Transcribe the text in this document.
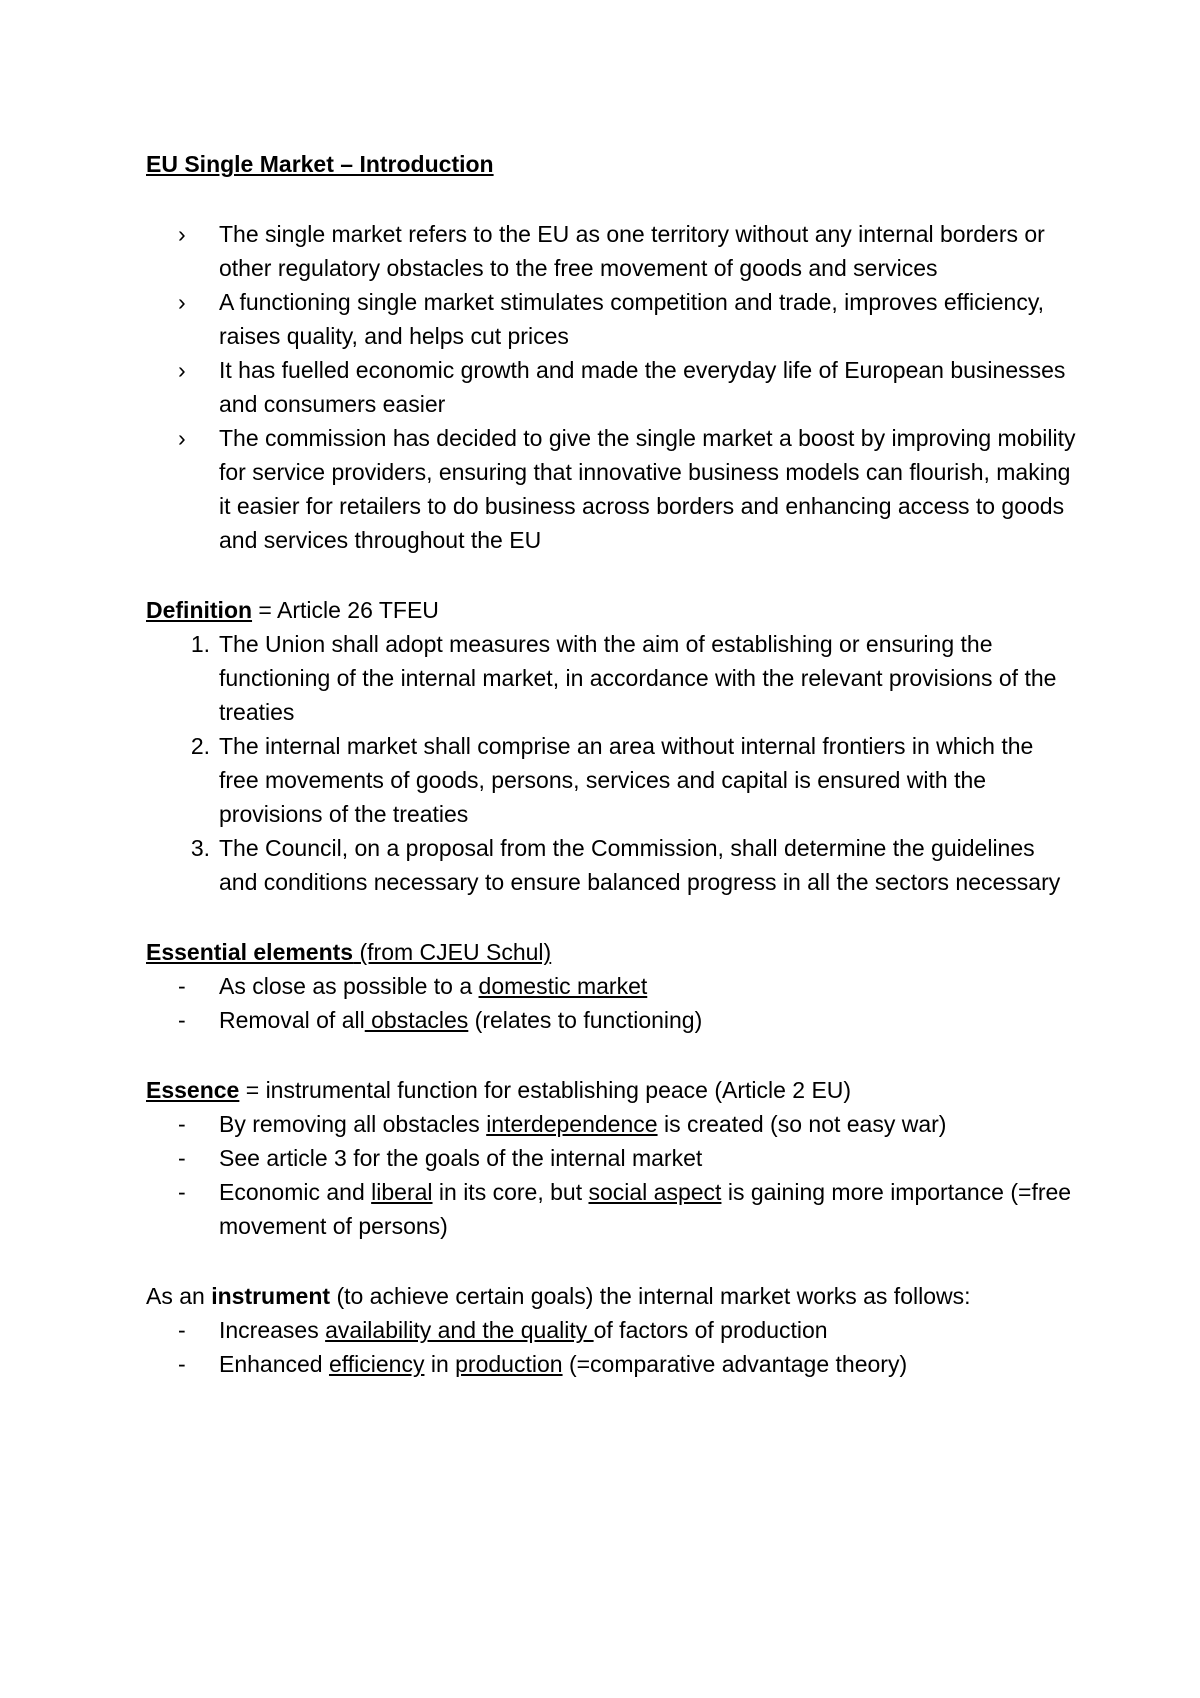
EU Single Market – Introduction

› The single market refers to the EU as one territory without any internal borders or other regulatory obstacles to the free movement of goods and services
› A functioning single market stimulates competition and trade, improves efficiency, raises quality, and helps cut prices
› It has fuelled economic growth and made the everyday life of European businesses and consumers easier
› The commission has decided to give the single market a boost by improving mobility for service providers, ensuring that innovative business models can flourish, making it easier for retailers to do business across borders and enhancing access to goods and services throughout the EU

Definition = Article 26 TFEU

1. The Union shall adopt measures with the aim of establishing or ensuring the functioning of the internal market, in accordance with the relevant provisions of the treaties
2. The internal market shall comprise an area without internal frontiers in which the free movements of goods, persons, services and capital is ensured with the provisions of the treaties
3. The Council, on a proposal from the Commission, shall determine the guidelines and conditions necessary to ensure balanced progress in all the sectors necessary

Essential elements (from CJEU Schul)

- As close as possible to a domestic market
- Removal of all obstacles (relates to functioning)

Essence = instrumental function for establishing peace (Article 2 EU)

- By removing all obstacles interdependence is created (so not easy war)
- See article 3 for the goals of the internal market
- Economic and liberal in its core, but social aspect is gaining more importance (=free movement of persons)

As an instrument (to achieve certain goals) the internal market works as follows:

- Increases availability and the quality of factors of production
- Enhanced efficiency in production (=comparative advantage theory)
